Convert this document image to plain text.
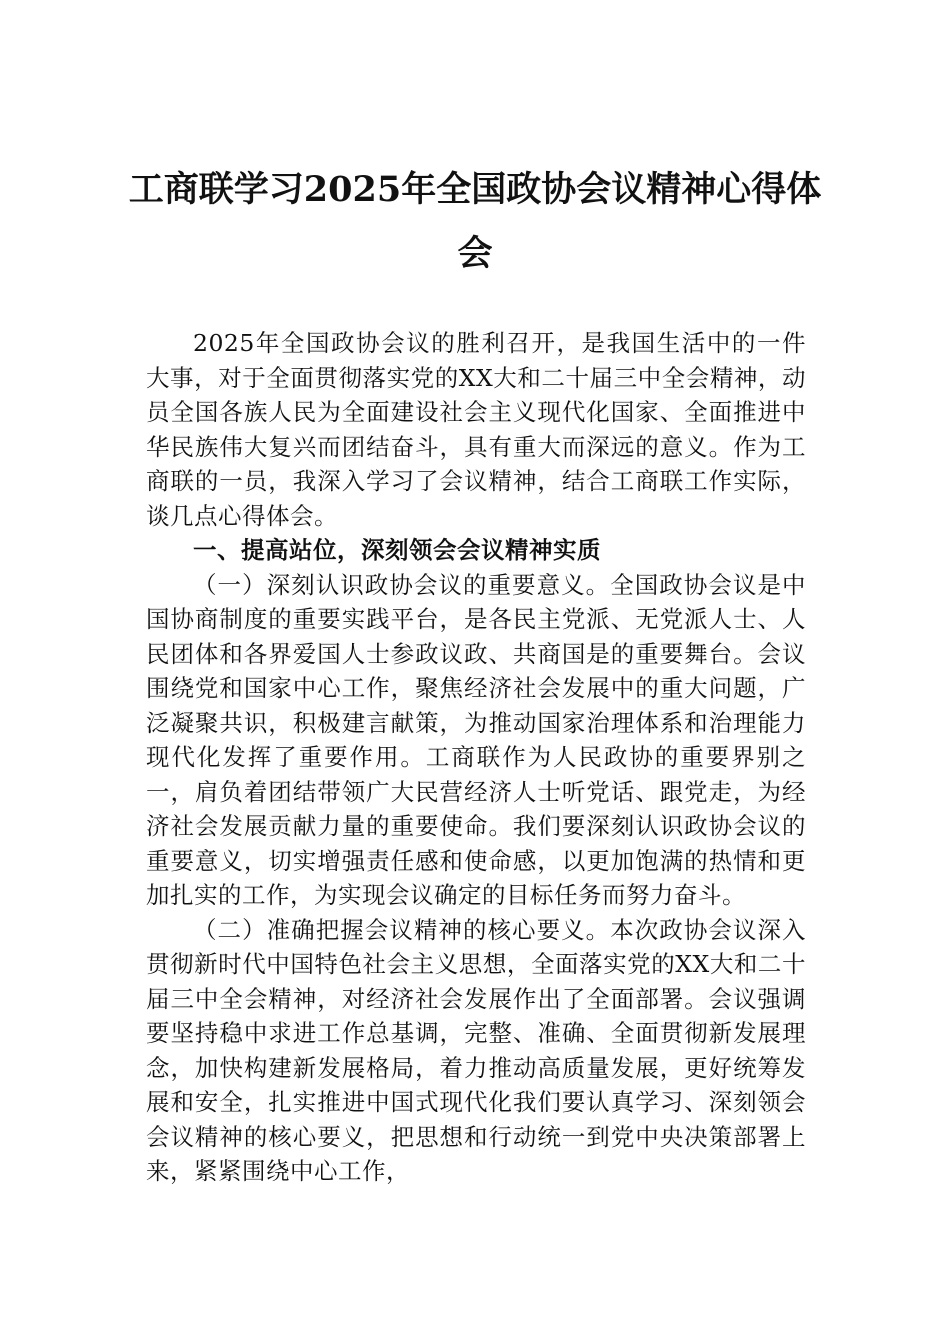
工商联学习2025年全国政协会议精神心得体会

2025年全国政协会议的胜利召开，是我国生活中的一件大事，对于全面贯彻落实党的XX大和二十届三中全会精神，动员全国各族人民为全面建设社会主义现代化国家、全面推进中华民族伟大复兴而团结奋斗，具有重大而深远的意义。作为工商联的一员，我深入学习了会议精神，结合工商联工作实际，谈几点心得体会。

一、提高站位，深刻领会会议精神实质

（一）深刻认识政协会议的重要意义。全国政协会议是中国协商制度的重要实践平台，是各民主党派、无党派人士、人民团体和各界爱国人士参政议政、共商国是的重要舞台。会议围绕党和国家中心工作，聚焦经济社会发展中的重大问题，广泛凝聚共识，积极建言献策，为推动国家治理体系和治理能力现代化发挥了重要作用。工商联作为人民政协的重要界别之一，肩负着团结带领广大民营经济人士听党话、跟党走，为经济社会发展贡献力量的重要使命。我们要深刻认识政协会议的重要意义，切实增强责任感和使命感，以更加饱满的热情和更加扎实的工作，为实现会议确定的目标任务而努力奋斗。

（二）准确把握会议精神的核心要义。本次政协会议深入贯彻新时代中国特色社会主义思想，全面落实党的XX大和二十届三中全会精神，对经济社会发展作出了全面部署。会议强调要坚持稳中求进工作总基调，完整、准确、全面贯彻新发展理念，加快构建新发展格局，着力推动高质量发展，更好统筹发展和安全，扎实推进中国式现代化我们要认真学习、深刻领会会议精神的核心要义，把思想和行动统一到党中央决策部署上来，紧紧围绕中心工作，
